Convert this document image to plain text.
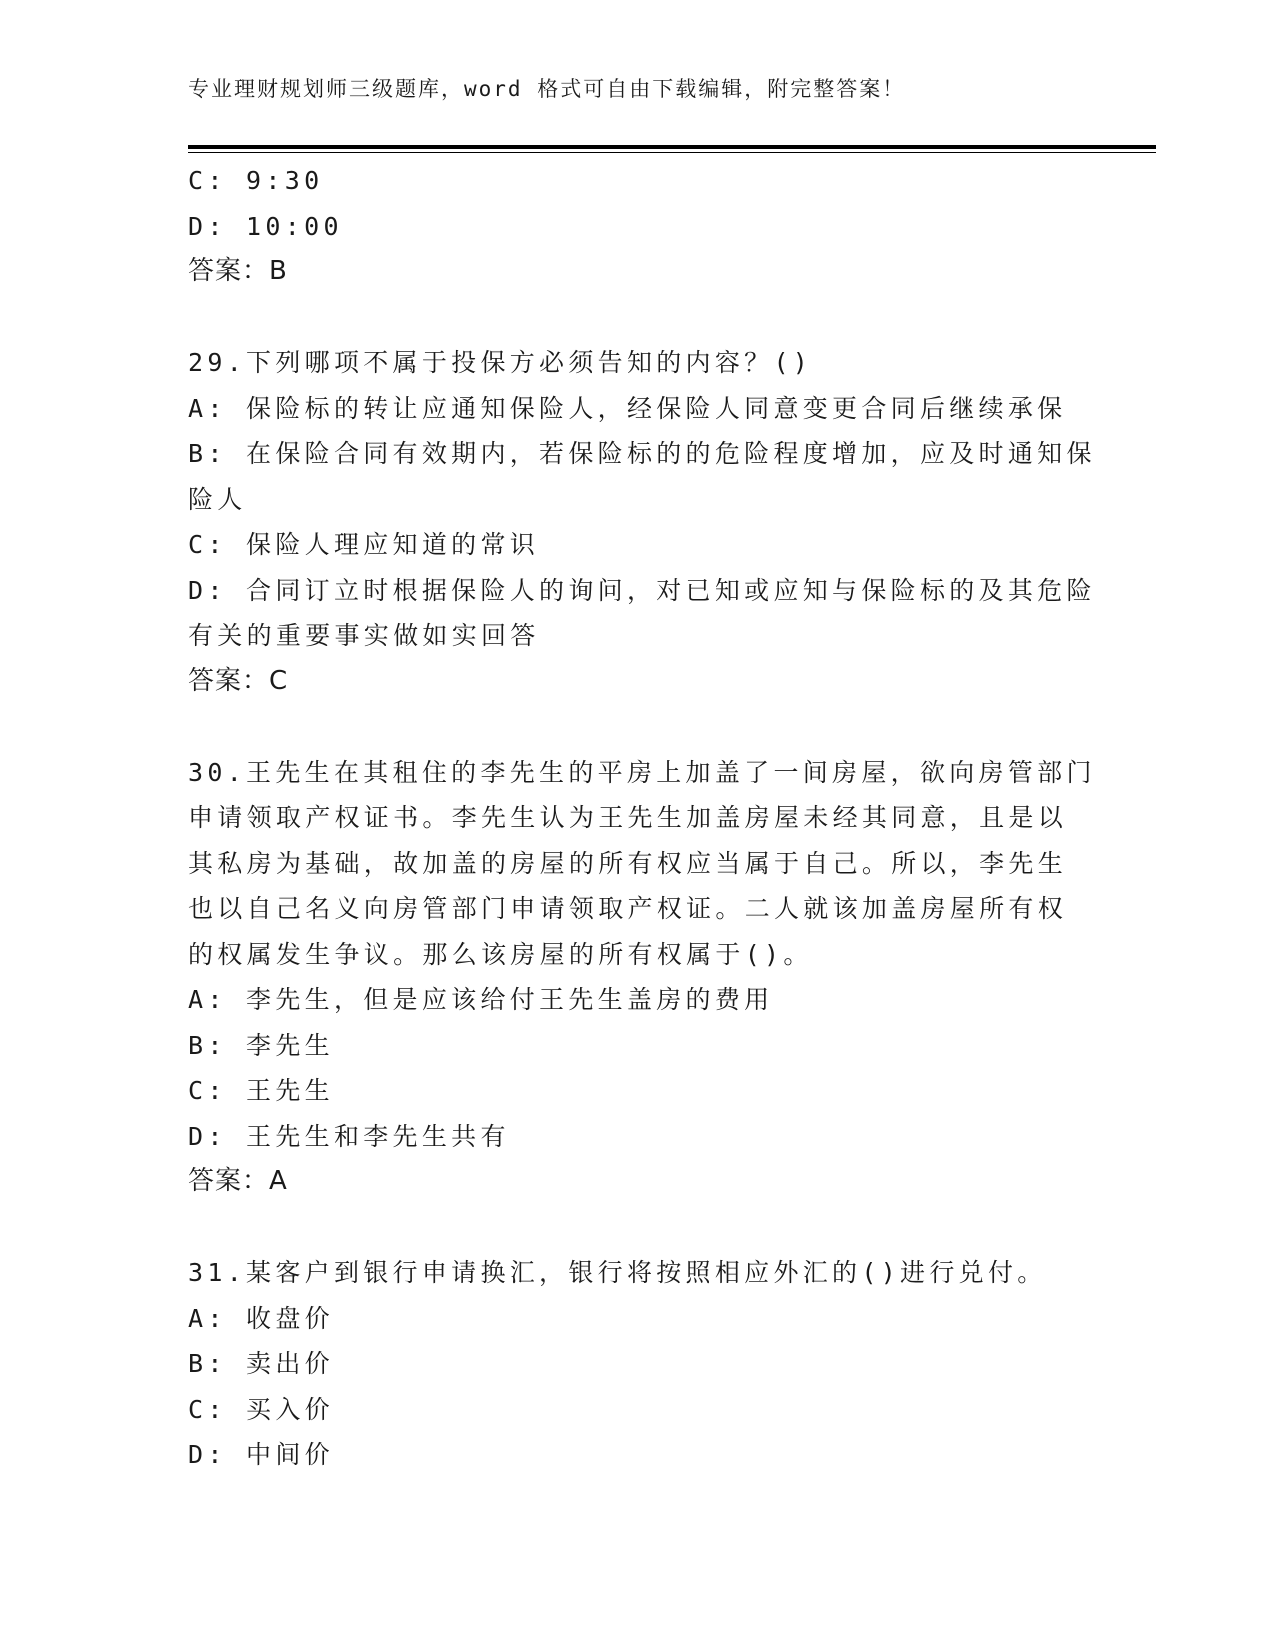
专业理财规划师三级题库，word 格式可自由下载编辑，附完整答案！

C: 9:30

D: 10:00

答案：B

29.下列哪项不属于投保方必须告知的内容？()

A: 保险标的转让应通知保险人，经保险人同意变更合同后继续承保

B: 在保险合同有效期内，若保险标的的危险程度增加，应及时通知保

险人

C: 保险人理应知道的常识

D: 合同订立时根据保险人的询问，对已知或应知与保险标的及其危险

有关的重要事实做如实回答

答案：C

30.王先生在其租住的李先生的平房上加盖了一间房屋，欲向房管部门

申请领取产权证书。李先生认为王先生加盖房屋未经其同意，且是以

其私房为基础，故加盖的房屋的所有权应当属于自己。所以，李先生

也以自己名义向房管部门申请领取产权证。二人就该加盖房屋所有权

的权属发生争议。那么该房屋的所有权属于()。

A: 李先生，但是应该给付王先生盖房的费用

B: 李先生

C: 王先生

D: 王先生和李先生共有

答案：A

31.某客户到银行申请换汇，银行将按照相应外汇的()进行兑付。

A: 收盘价

B: 卖出价

C: 买入价

D: 中间价
